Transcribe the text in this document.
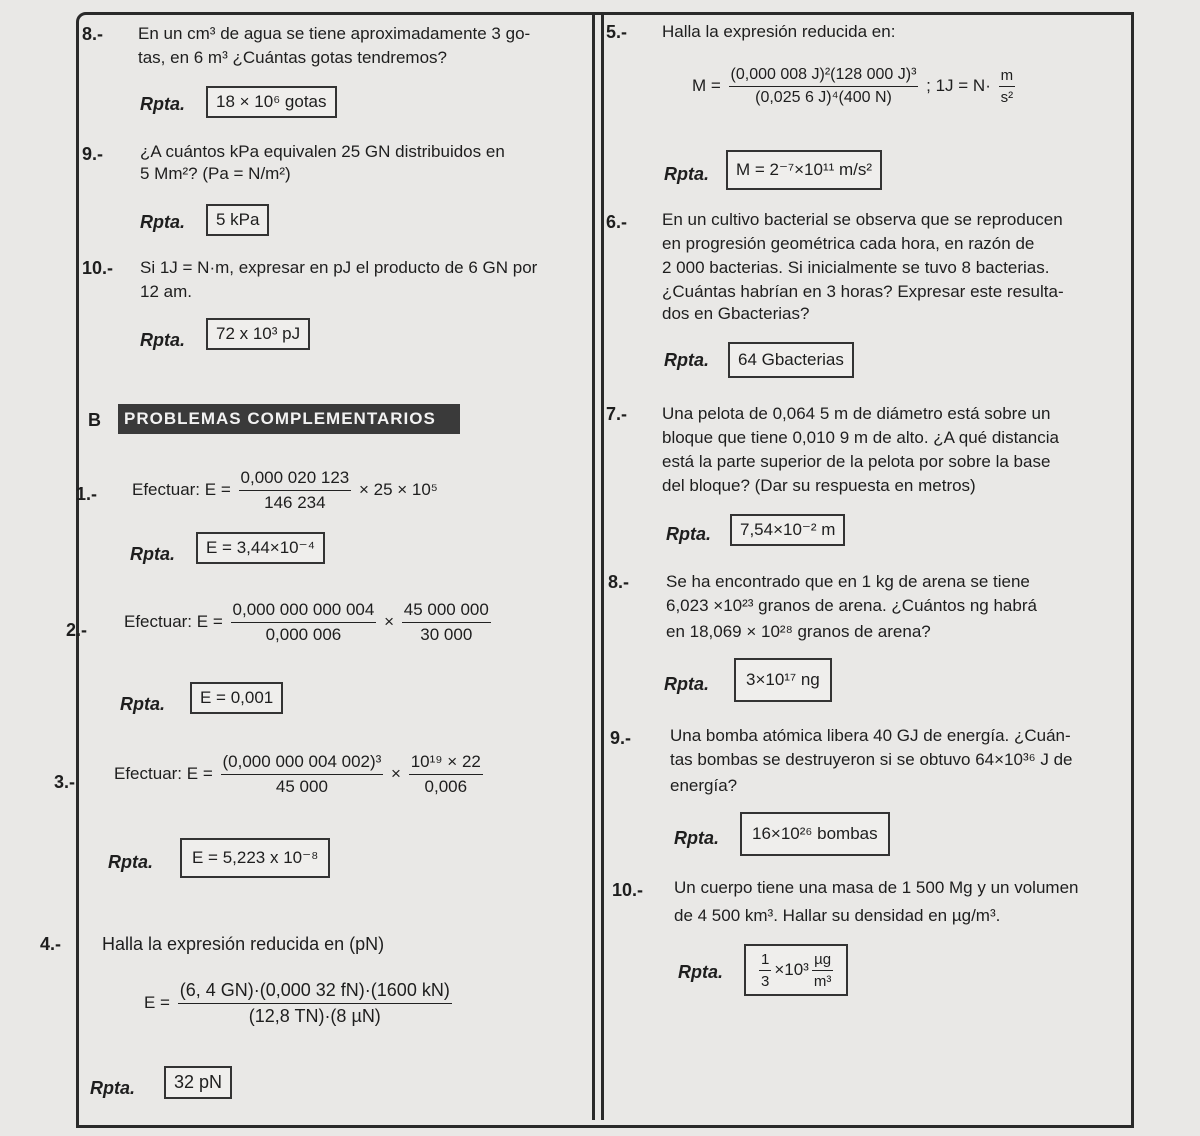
8.- En un cm³ de agua se tiene aproximadamente 3 go-
tas, en 6 m³ ¿Cuántas gotas tendremos?
Rpta.	18 × 10⁶ gotas
9.- ¿A cuántos kPa equivalen 25 GN distribuidos en
5 Mm²? (Pa = N/m²)
Rpta.	5 kPa
10.- Si 1J = N·m, expresar en pJ el producto de 6 GN por
12 am.
Rpta.	72 x 10³ pJ
B	PROBLEMAS COMPLEMENTARIOS
1.- Efectuar: $E = \frac{0,000 020 123}{146 234} \times 25 \times 10^5$
Rpta.	E = 3,44×10⁻⁴
2.- Efectuar: $E = \frac{0,000 000 000 004}{0,000 006} \times \frac{45 000 000}{30 000}$
Rpta.	E = 0,001
3.- Efectuar: $E = \frac{\text{(0,000 000 004 002)³}}{45 000} \times \frac{\text{10¹⁹ × 22}}{0,006}$
Rpta.	E = 5,223 x 10⁻⁸
4.- Halla la expresión reducida en (pN)
$E = \frac{(6, 4 GN)\cdot(0,000 32 fN)\cdot(1600 kN)}{\text{(12,8 TN)·(8 µN)}}$
Rpta.	32 pN
5.- Halla la expresión reducida en:
$M = \frac{\text{(0,000 008 J)²(128 000 J)³}}{\text{(0,025 6 J)⁴(400 N)}}$ ; $1J = N\cdot \frac{m}{\text{s²}}$
Rpta.	M = 2⁻⁷×10¹¹ m/s²
6.- En un cultivo bacterial se observa que se reproducen
en progresión geométrica cada hora, en razón de
2 000 bacterias. Si inicialmente se tuvo 8 bacterias.
¿Cuántas habrían en 3 horas? Expresar este resulta-
dos en Gbacterias?
Rpta.	64 Gbacterias
7.- Una pelota de 0,064 5 m de diámetro está sobre un
bloque que tiene 0,010 9 m de alto. ¿A qué distancia
está la parte superior de la pelota por sobre la base
del bloque? (Dar su respuesta en metros)
Rpta.	7,54×10⁻² m
8.- Se ha encontrado que en 1 kg de arena se tiene
6,023 ×10²³ granos de arena. ¿Cuántos ng habrá
en 18,069 × 10²⁸ granos de arena?
Rpta.	3×10¹⁷ ng
9.- Una bomba atómica libera 40 GJ de energía. ¿Cuán-
tas bombas se destruyeron si se obtuvo 64×10³⁶ J de
energía?
Rpta.	16×10²⁶ bombas
10.- Un cuerpo tiene una masa de 1 500 Mg y un volumen
de 4 500 km³. Hallar su densidad en µg/m³.
Rpta. $\frac{1}{3} \times 10^3 \frac{\text{µg}}{\text{m³}}$
